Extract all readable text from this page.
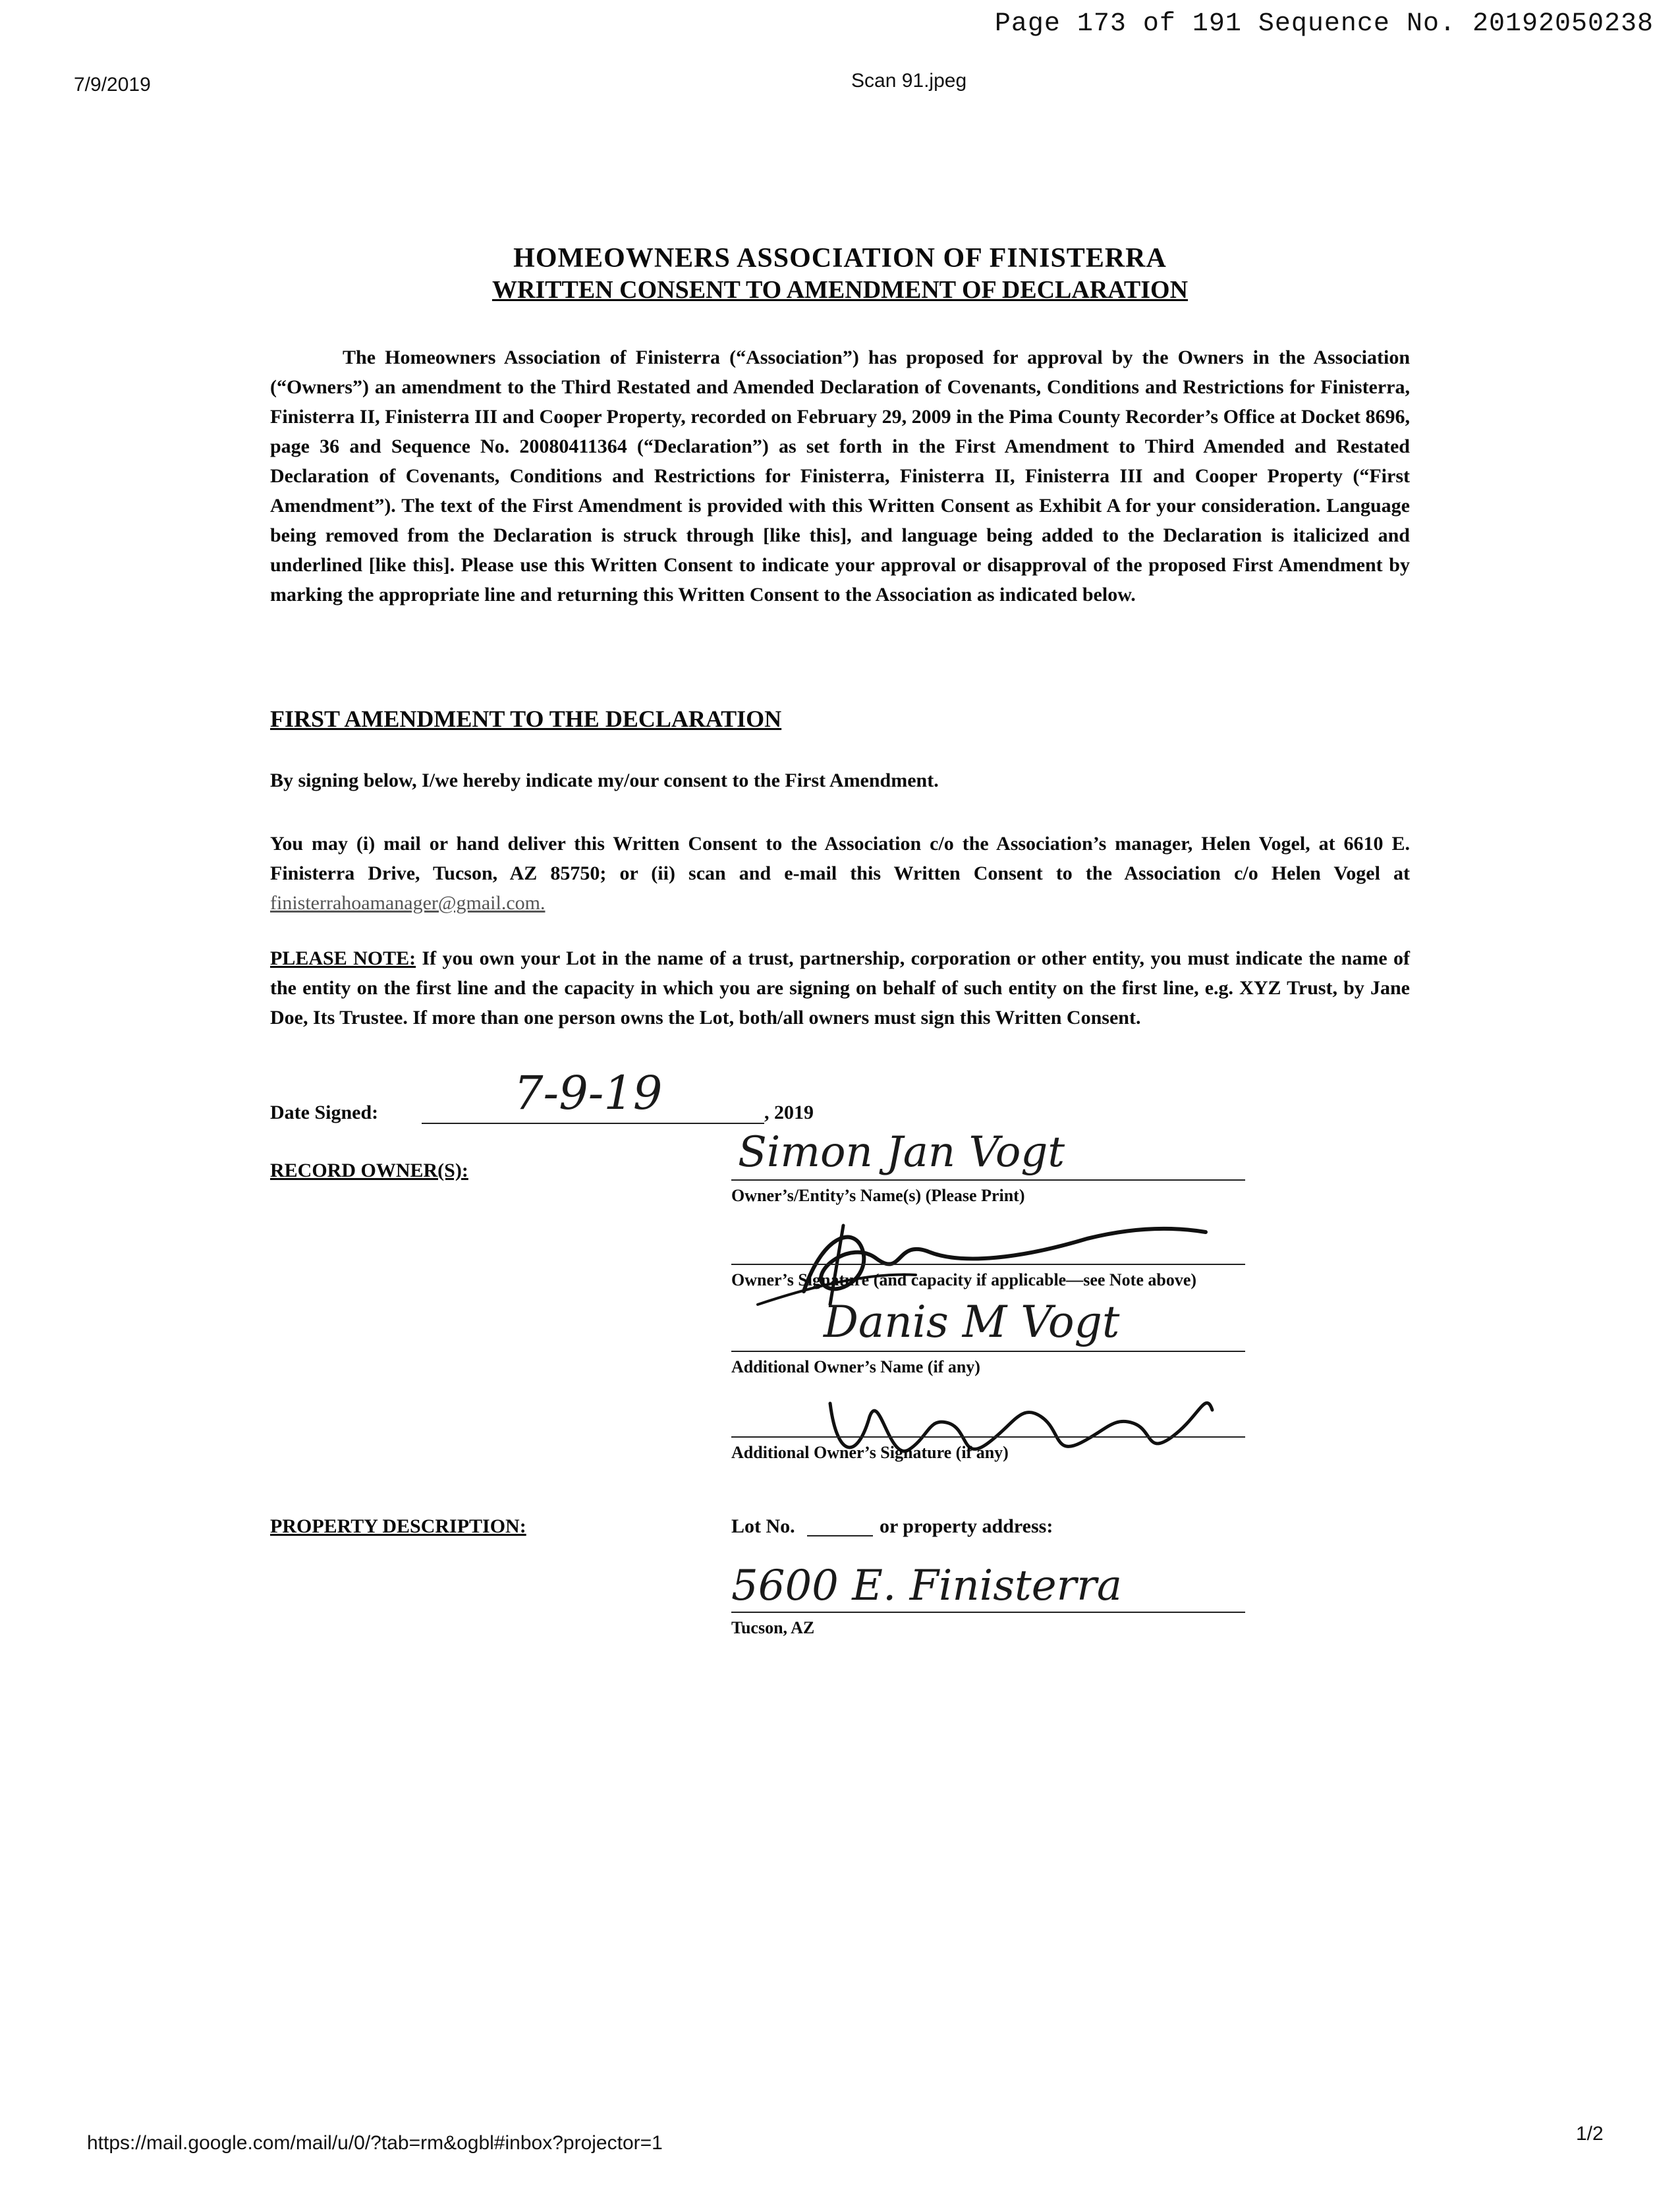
Page 173 of 191 Sequence No. 20192050238
7/9/2019	Scan 91.jpeg
HOMEOWNERS ASSOCIATION OF FINISTERRA
WRITTEN CONSENT TO AMENDMENT OF DECLARATION
The Homeowners Association of Finisterra (“Association”) has proposed for approval by the Owners in the Association (“Owners”) an amendment to the Third Restated and Amended Declaration of Covenants, Conditions and Restrictions for Finisterra, Finisterra II, Finisterra III and Cooper Property, recorded on February 29, 2009 in the Pima County Recorder’s Office at Docket 8696, page 36 and Sequence No. 20080411364 (“Declaration”) as set forth in the First Amendment to Third Amended and Restated Declaration of Covenants, Conditions and Restrictions for Finisterra, Finisterra II, Finisterra III and Cooper Property (“First Amendment”). The text of the First Amendment is provided with this Written Consent as Exhibit A for your consideration. Language being removed from the Declaration is struck through [like this], and language being added to the Declaration is italicized and underlined [like this]. Please use this Written Consent to indicate your approval or disapproval of the proposed First Amendment by marking the appropriate line and returning this Written Consent to the Association as indicated below.
FIRST AMENDMENT TO THE DECLARATION
By signing below, I/we hereby indicate my/our consent to the First Amendment.
You may (i) mail or hand deliver this Written Consent to the Association c/o the Association’s manager, Helen Vogel, at 6610 E. Finisterra Drive, Tucson, AZ 85750; or (ii) scan and e-mail this Written Consent to the Association c/o Helen Vogel at finisterrahoamanager@gmail.com.
PLEASE NOTE: If you own your Lot in the name of a trust, partnership, corporation or other entity, you must indicate the name of the entity on the first line and the capacity in which you are signing on behalf of such entity on the first line, e.g. XYZ Trust, by Jane Doe, Its Trustee. If more than one person owns the Lot, both/all owners must sign this Written Consent.
Date Signed:	7-9-19	, 2019
RECORD OWNER(S):	Simon Jan Vogt
Owner’s/Entity’s Name(s) (Please Print)
Owner’s Signature (and capacity if applicable—see Note above)
Danis M Vogt
Additional Owner’s Name (if any)
Additional Owner’s Signature (if any)
PROPERTY DESCRIPTION:	Lot No.	or property address:
5600 E. Finisterra
Tucson, AZ
https://mail.google.com/mail/u/0/?tab=rm&ogbl#inbox?projector=1	1/2
